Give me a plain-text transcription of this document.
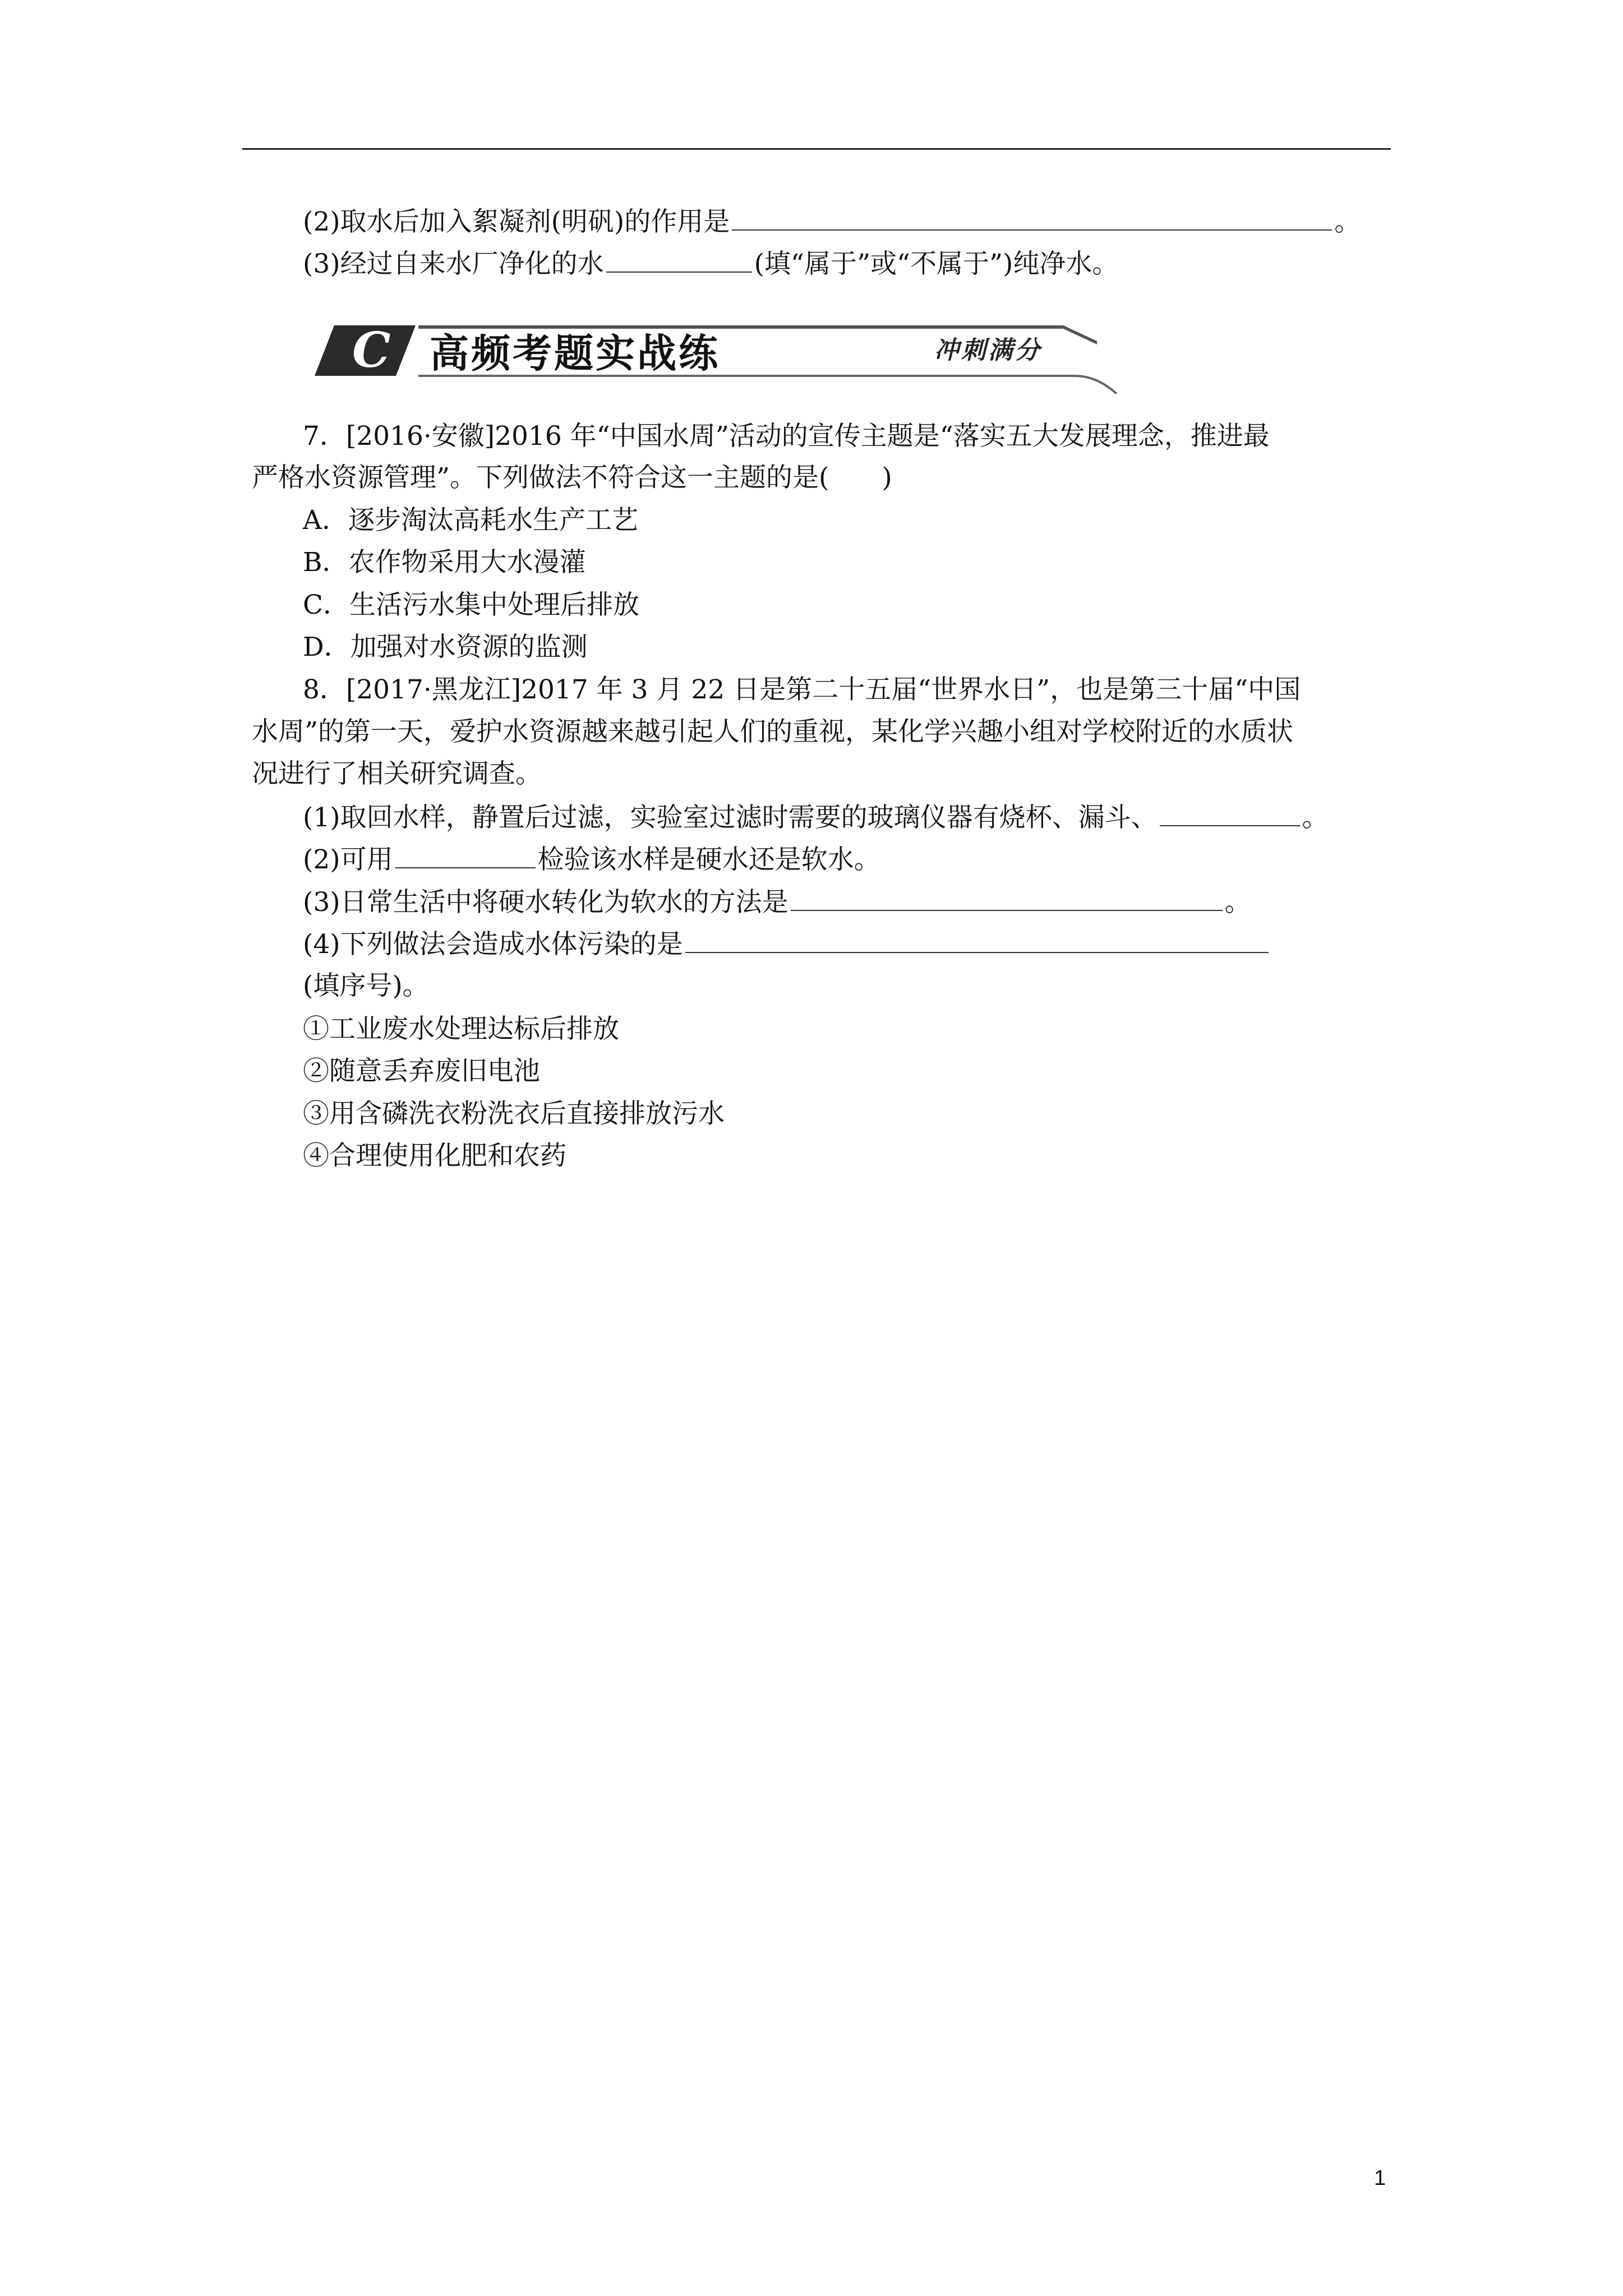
(2)取水后加入絮凝剂(明矾)的作用是	。
(3)经过自来水厂净化的水	(填“属于”或“不属于”)纯净水。
C 高频考题实战练	冲刺满分
7．[2016·安徽]2016 年“中国水周”活动的宣传主题是“落实五大发展理念，推进最
严格水资源管理”。下列做法不符合这一主题的是(　　)
A．逐步淘汰高耗水生产工艺
B．农作物采用大水漫灌
C．生活污水集中处理后排放
D．加强对水资源的监测
8．[2017·黑龙江]2017 年 3 月 22 日是第二十五届“世界水日”，也是第三十届“中国
水周”的第一天，爱护水资源越来越引起人们的重视，某化学兴趣小组对学校附近的水质状
况进行了相关研究调查。
(1)取回水样，静置后过滤，实验室过滤时需要的玻璃仪器有烧杯、漏斗、	。
(2)可用	检验该水样是硬水还是软水。
(3)日常生活中将硬水转化为软水的方法是	。
(4)下列做法会造成水体污染的是
(填序号)。
①工业废水处理达标后排放
②随意丢弃废旧电池
③用含磷洗衣粉洗衣后直接排放污水
④合理使用化肥和农药
1
